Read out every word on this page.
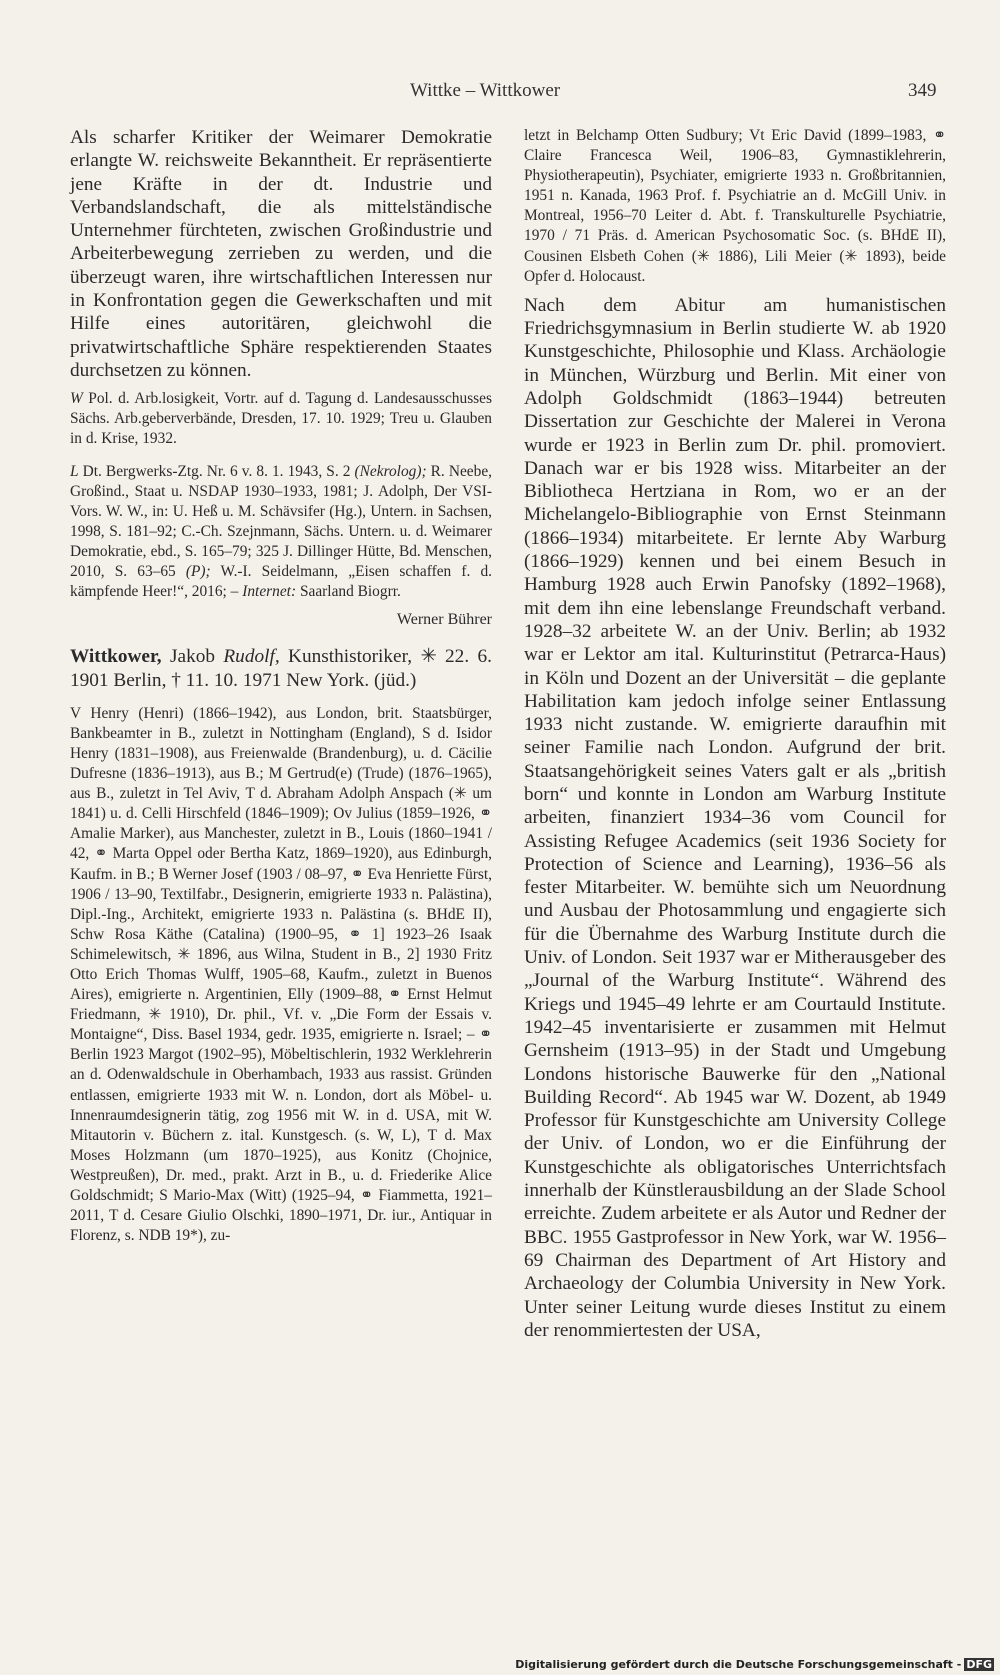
Wittke – Wittkower	349

Als scharfer Kritiker der Weimarer Demokratie erlangte W. reichsweite Bekanntheit. Er repräsentierte jene Kräfte in der dt. Industrie und Verbandslandschaft, die als mittelständische Unternehmer fürchteten, zwischen Großindustrie und Arbeiterbewegung zerrieben zu werden, und die überzeugt waren, ihre wirtschaftlichen Interessen nur in Konfrontation gegen die Gewerkschaften und mit Hilfe eines autoritären, gleichwohl die privatwirtschaftliche Sphäre respektierenden Staates durchsetzen zu können.

W Pol. d. Arb.losigkeit, Vortr. auf d. Tagung d. Landesausschusses Sächs. Arb.geberverbände, Dresden, 17. 10. 1929; Treu u. Glauben in d. Krise, 1932.

L Dt. Bergwerks-Ztg. Nr. 6 v. 8. 1. 1943, S. 2 (Nekrolog); R. Neebe, Großind., Staat u. NSDAP 1930–1933, 1981; J. Adolph, Der VSI-Vors. W. W., in: U. Heß u. M. Schävsifer (Hg.), Untern. in Sachsen, 1998, S. 181–92; C.-Ch. Szejnmann, Sächs. Untern. u. d. Weimarer Demokratie, ebd., S. 165–79; 325 J. Dillinger Hütte, Bd. Menschen, 2010, S. 63–65 (P); W.-I. Seidelmann, „Eisen schaffen f. d. kämpfende Heer!“, 2016; – Internet: Saarland Biogrr.

Werner Bührer

Wittkower, Jakob Rudolf, Kunsthistoriker, ✳ 22. 6. 1901 Berlin, † 11. 10. 1971 New York. (jüd.)

V Henry (Henri) (1866–1942), aus London, brit. Staatsbürger, Bankbeamter in B., zuletzt in Nottingham (England), S d. Isidor Henry (1831–1908), aus Freienwalde (Brandenburg), u. d. Cäcilie Dufresne (1836–1913), aus B.; M Gertrud(e) (Trude) (1876–1965), aus B., zuletzt in Tel Aviv, T d. Abraham Adolph Anspach (✳ um 1841) u. d. Celli Hirschfeld (1846–1909); Ov Julius (1859–1926, ⚭ Amalie Marker), aus Manchester, zuletzt in B., Louis (1860–1941 / 42, ⚭ Marta Oppel oder Bertha Katz, 1869–1920), aus Edinburgh, Kaufm. in B.; B Werner Josef (1903 / 08–97, ⚭ Eva Henriette Fürst, 1906 / 13–90, Textilfabr., Designerin, emigrierte 1933 n. Palästina), Dipl.-Ing., Architekt, emigrierte 1933 n. Palästina (s. BHdE II), Schw Rosa Käthe (Catalina) (1900–95, ⚭ 1] 1923–26 Isaak Schimelewitsch, ✳ 1896, aus Wilna, Student in B., 2] 1930 Fritz Otto Erich Thomas Wulff, 1905–68, Kaufm., zuletzt in Buenos Aires), emigrierte n. Argentinien, Elly (1909–88, ⚭ Ernst Helmut Friedmann, ✳ 1910), Dr. phil., Vf. v. „Die Form der Essais v. Montaigne“, Diss. Basel 1934, gedr. 1935, emigrierte n. Israel; – ⚭ Berlin 1923 Margot (1902–95), Möbeltischlerin, 1932 Werklehrerin an d. Odenwaldschule in Oberhambach, 1933 aus rassist. Gründen entlassen, emigrierte 1933 mit W. n. London, dort als Möbel- u. Innenraumdesignerin tätig, zog 1956 mit W. in d. USA, mit W. Mitautorin v. Büchern z. ital. Kunstgesch. (s. W, L), T d. Max Moses Holzmann (um 1870–1925), aus Konitz (Chojnice, Westpreußen), Dr. med., prakt. Arzt in B., u. d. Friederike Alice Goldschmidt; S Mario-Max (Witt) (1925–94, ⚭ Fiammetta, 1921–2011, T d. Cesare Giulio Olschki, 1890–1971, Dr. iur., Antiquar in Florenz, s. NDB 19*), zu-

letzt in Belchamp Otten Sudbury; Vt Eric David (1899–1983, ⚭ Claire Francesca Weil, 1906–83, Gymnastiklehrerin, Physiotherapeutin), Psychiater, emigrierte 1933 n. Großbritannien, 1951 n. Kanada, 1963 Prof. f. Psychiatrie an d. McGill Univ. in Montreal, 1956–70 Leiter d. Abt. f. Transkulturelle Psychiatrie, 1970 / 71 Präs. d. American Psychosomatic Soc. (s. BHdE II), Cousinen Elsbeth Cohen (✳ 1886), Lili Meier (✳ 1893), beide Opfer d. Holocaust.

Nach dem Abitur am humanistischen Friedrichsgymnasium in Berlin studierte W. ab 1920 Kunstgeschichte, Philosophie und Klass. Archäologie in München, Würzburg und Berlin. Mit einer von Adolph Goldschmidt (1863–1944) betreuten Dissertation zur Geschichte der Malerei in Verona wurde er 1923 in Berlin zum Dr. phil. promoviert. Danach war er bis 1928 wiss. Mitarbeiter an der Bibliotheca Hertziana in Rom, wo er an der Michelangelo-Bibliographie von Ernst Steinmann (1866–1934) mitarbeitete. Er lernte Aby Warburg (1866–1929) kennen und bei einem Besuch in Hamburg 1928 auch Erwin Panofsky (1892–1968), mit dem ihn eine lebenslange Freundschaft verband. 1928–32 arbeitete W. an der Univ. Berlin; ab 1932 war er Lektor am ital. Kulturinstitut (Petrarca-Haus) in Köln und Dozent an der Universität – die geplante Habilitation kam jedoch infolge seiner Entlassung 1933 nicht zustande. W. emigrierte daraufhin mit seiner Familie nach London. Aufgrund der brit. Staatsangehörigkeit seines Vaters galt er als „british born“ und konnte in London am Warburg Institute arbeiten, finanziert 1934–36 vom Council for Assisting Refugee Academics (seit 1936 Society for Protection of Science and Learning), 1936–56 als fester Mitarbeiter. W. bemühte sich um Neuordnung und Ausbau der Photosammlung und engagierte sich für die Übernahme des Warburg Institute durch die Univ. of London. Seit 1937 war er Mitherausgeber des „Journal of the Warburg Institute“. Während des Kriegs und 1945–49 lehrte er am Courtauld Institute. 1942–45 inventarisierte er zusammen mit Helmut Gernsheim (1913–95) in der Stadt und Umgebung Londons historische Bauwerke für den „National Building Record“. Ab 1945 war W. Dozent, ab 1949 Professor für Kunstgeschichte am University College der Univ. of London, wo er die Einführung der Kunstgeschichte als obligatorisches Unterrichtsfach innerhalb der Künstlerausbildung an der Slade School erreichte. Zudem arbeitete er als Autor und Redner der BBC. 1955 Gastprofessor in New York, war W. 1956–69 Chairman des Department of Art History and Archaeology der Columbia University in New York. Unter seiner Leitung wurde dieses Institut zu einem der renommiertesten der USA,

Digitalisierung gefördert durch die Deutsche Forschungsgemeinschaft - DFG
